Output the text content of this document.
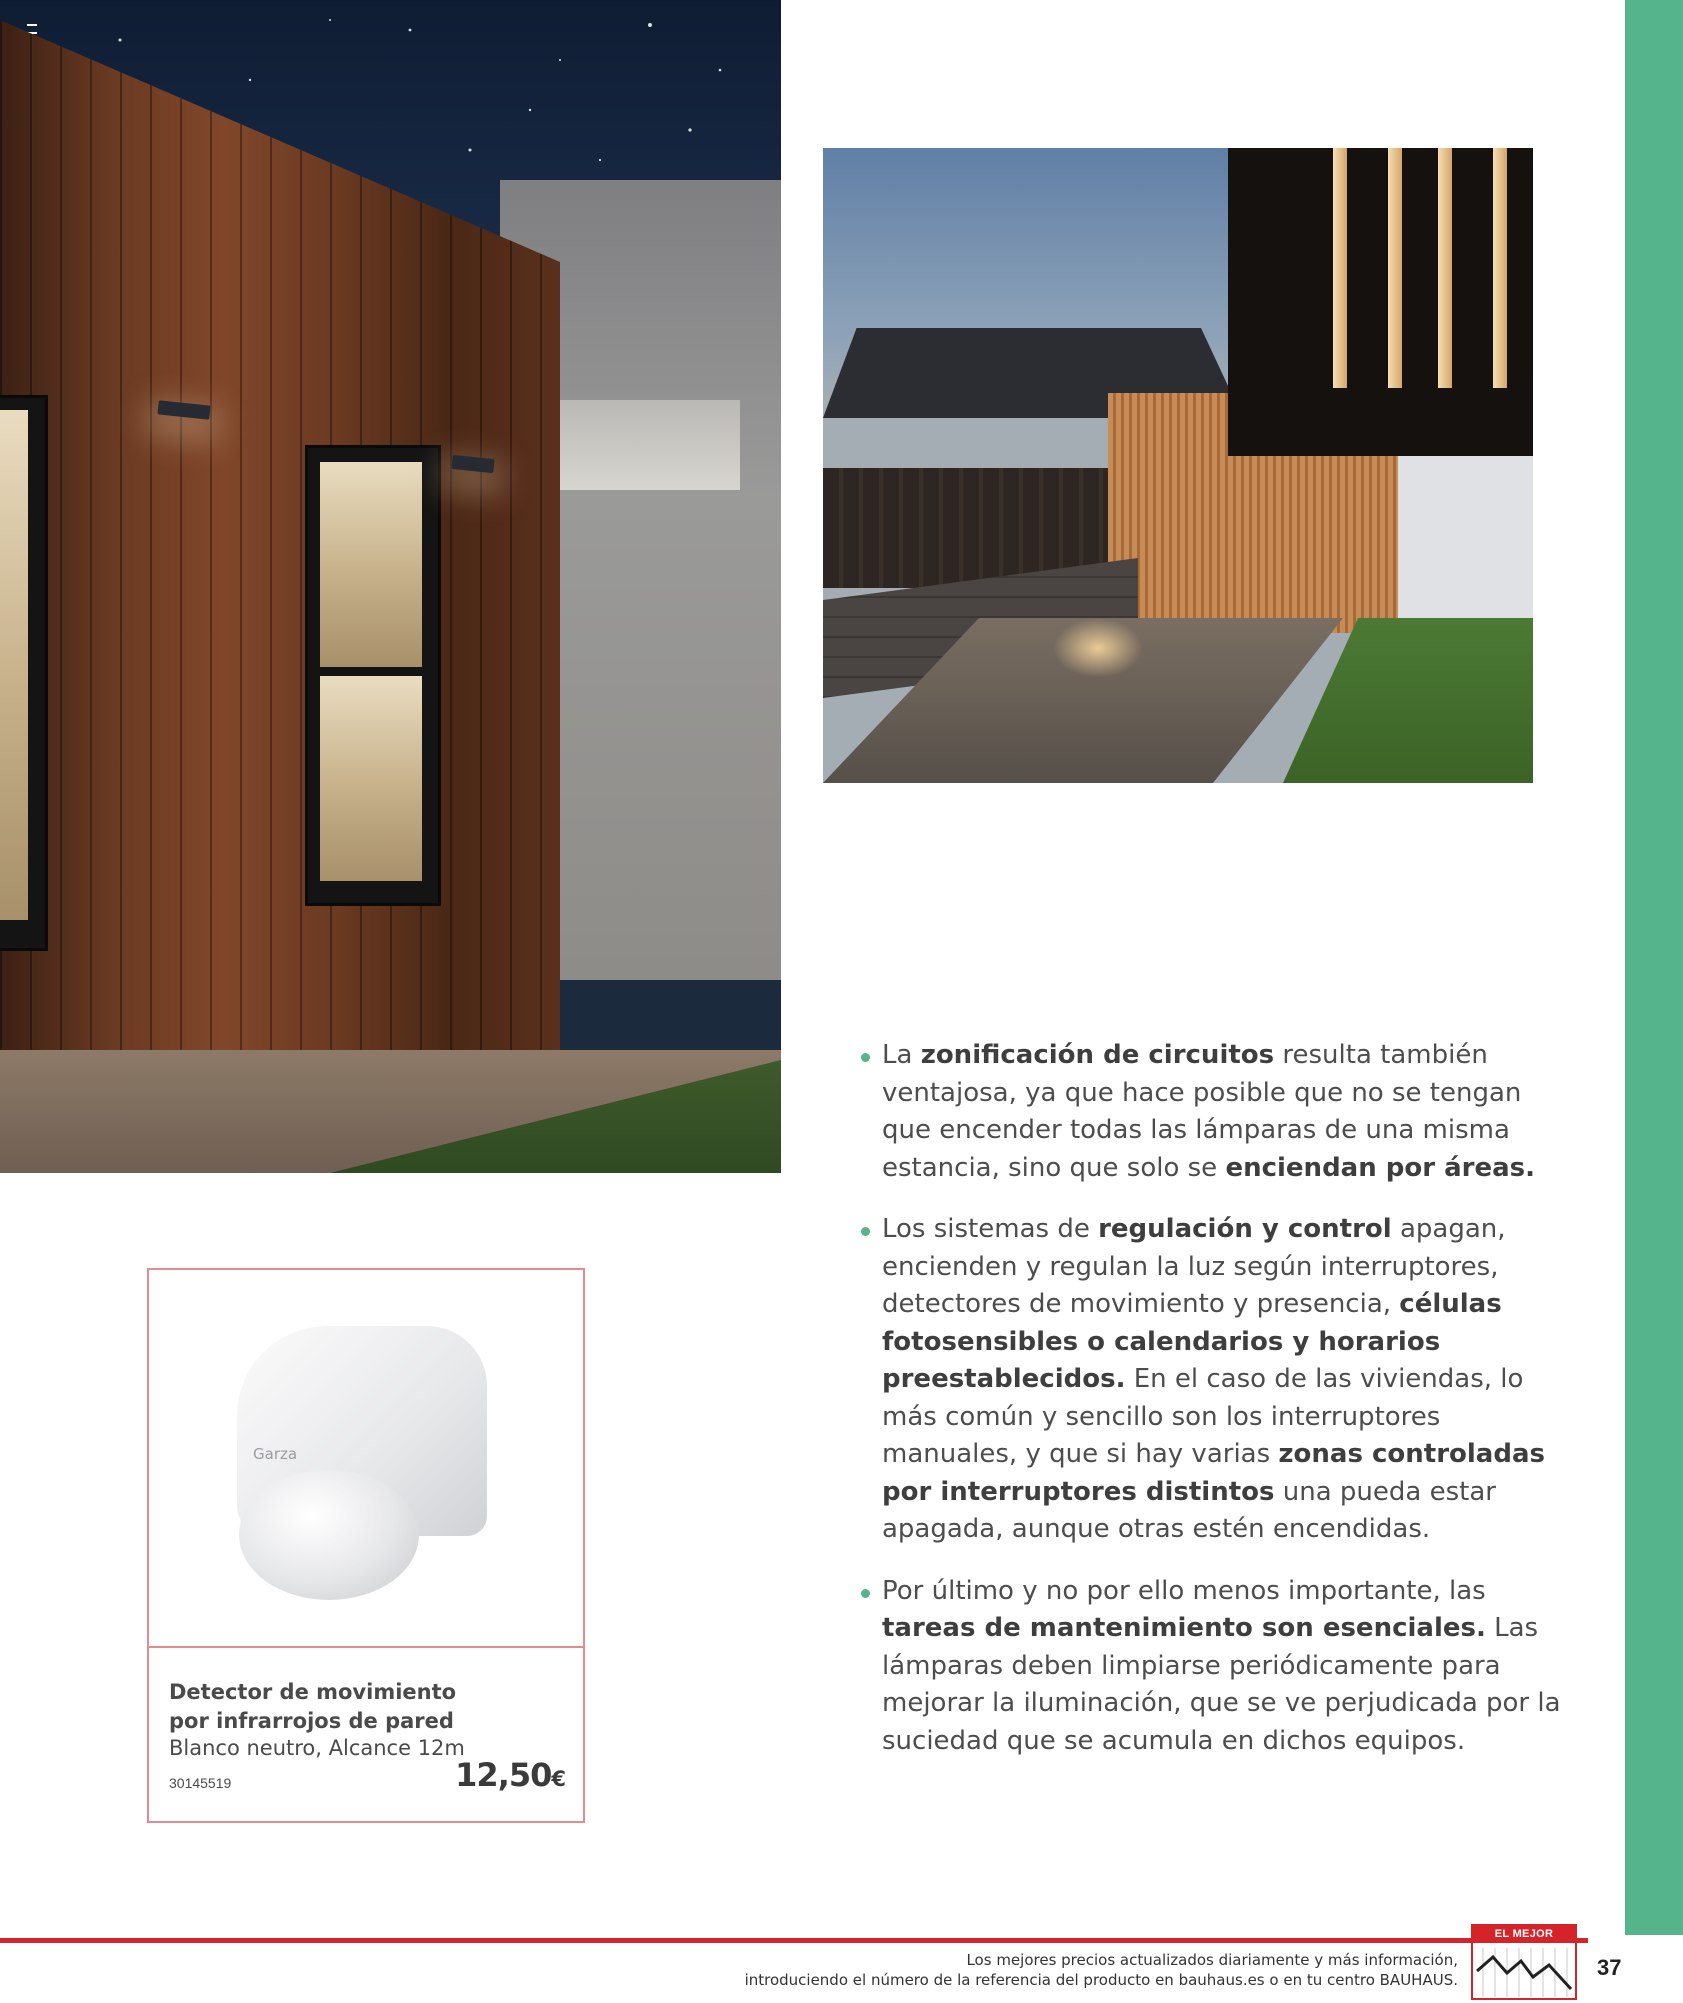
La zonificación de circuitos resulta también ventajosa, ya que hace posible que no se tengan que encender todas las lámparas de una misma estancia, sino que solo se enciendan por áreas.
Los sistemas de regulación y control apagan, encienden y regulan la luz según interruptores, detectores de movimiento y presencia, células fotosensibles o calendarios y horarios preestablecidos. En el caso de las viviendas, lo más común y sencillo son los interruptores manuales, y que si hay varias zonas controladas por interruptores distintos una pueda estar apagada, aunque otras estén encendidas.
Por último y no por ello menos importante, las tareas de mantenimiento son esenciales. Las lámparas deben limpiarse periódicamente para mejorar la iluminación, que se ve perjudicada por la suciedad que se acumula en dichos equipos.
Garza
Detector de movimiento por infrarrojos de pared
Blanco neutro, Alcance 12m
30145519	12,50€
Los mejores precios actualizados diariamente y más información,
introduciendo el número de la referencia del producto en bauhaus.es o en tu centro BAUHAUS.
EL MEJOR PRECIO
37
